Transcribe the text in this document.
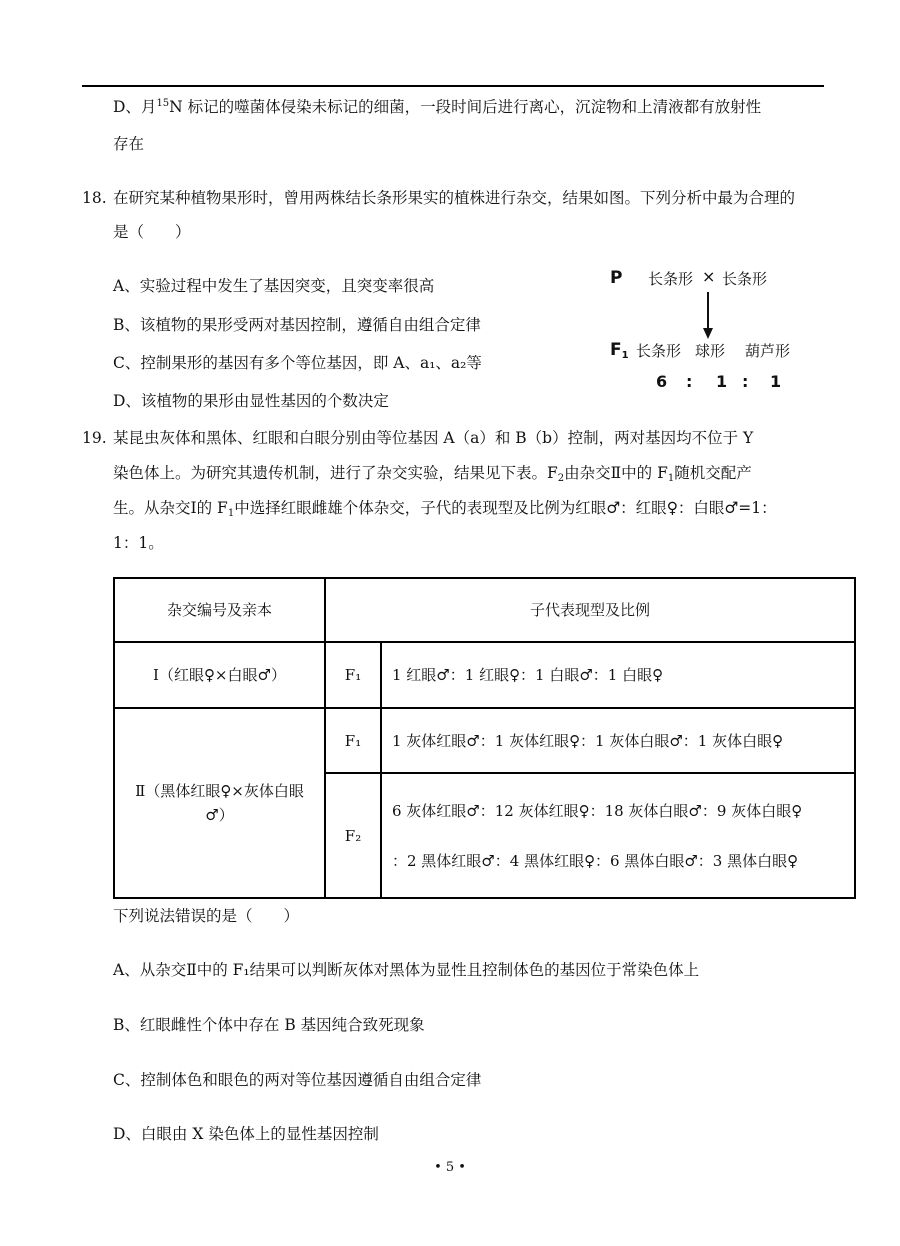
D、月$^{15}$N 标记的噬菌体侵染未标记的细菌，一段时间后进行离心，沉淀物和上清液都有放射性
存在
18. 在研究某种植物果形时，曾用两株结长条形果实的植株进行杂交，结果如图。下列分析中最为合理的
是（　　）
A、实验过程中发生了基因突变，且突变率很高
B、该植物的果形受两对基因控制，遵循自由组合定律
C、控制果形的基因有多个等位基因，即 A、a₁、a₂等
D、该植物的果形由显性基因的个数决定
P 长条形 × 长条形
$F_1$ 长条形 球形 葫芦形
6 : 1 : 1
19. 某昆虫灰体和黑体、红眼和白眼分别由等位基因 A（a）和 B（b）控制，两对基因均不位于 Y
染色体上。为研究其遗传机制，进行了杂交实验，结果见下表。$F_2$由杂交Ⅱ中的 $F_1$随机交配产
生。从杂交Ⅰ的 $F_1$中选择红眼雌雄个体杂交，子代的表现型及比例为红眼♂：红眼♀：白眼♂=1：
1：1。
杂交编号及亲本	子代表现型及比例	
Ⅰ（红眼♀×白眼♂）	F₁	1 红眼♂：1 红眼♀：1 白眼♂：1 白眼♀
Ⅱ（黑体红眼♀×灰体白眼♂）	F₁	1 灰体红眼♂：1 灰体红眼♀：1 灰体白眼♂：1 灰体白眼♀
	F₂	6 灰体红眼♂：12 灰体红眼♀：18 灰体白眼♂：9 灰体白眼♀
：2 黑体红眼♂：4 黑体红眼♀：6 黑体白眼♂：3 黑体白眼♀
下列说法错误的是（　　）
A、从杂交Ⅱ中的 F₁结果可以判断灰体对黑体为显性且控制体色的基因位于常染色体上
B、红眼雌性个体中存在 B 基因纯合致死现象
C、控制体色和眼色的两对等位基因遵循自由组合定律
D、白眼由 X 染色体上的显性基因控制
• 5 •
